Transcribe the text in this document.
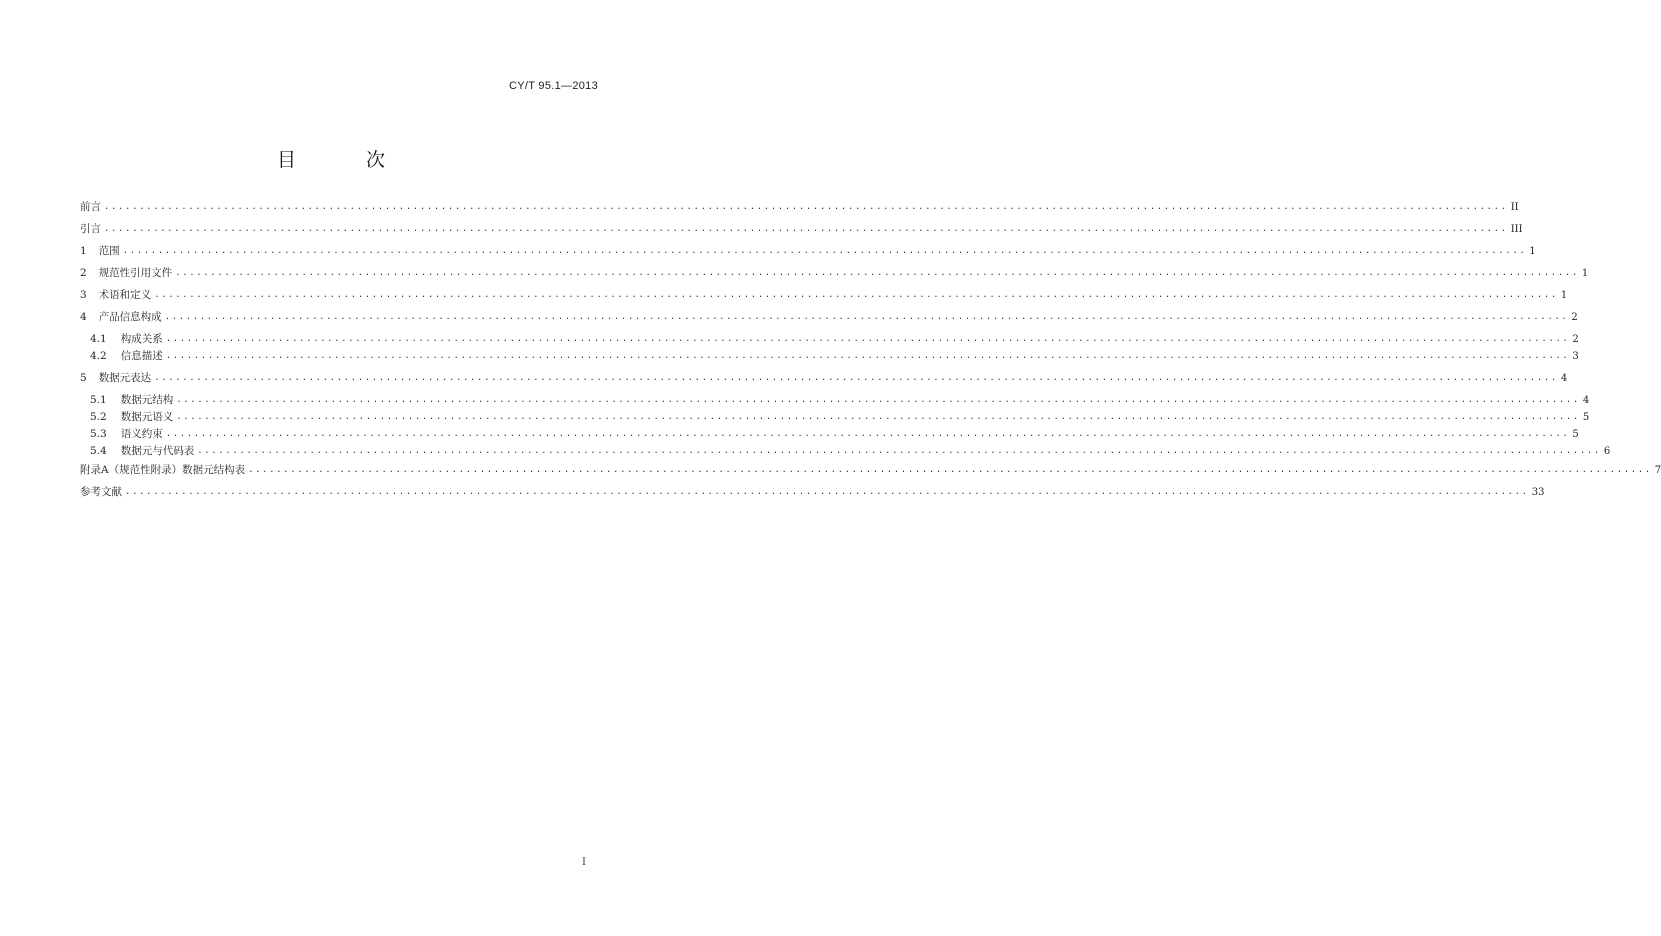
CY/T 95.1—2013
目 次
前言 ........................................................................................................................................................................................................ II
引言 ........................................................................................................................................................................................................ III
1 范围 ........................................................................................................................................................................................................ 1
2 规范性引用文件 ........................................................................................................................................................................................................ 1
3 术语和定义 ........................................................................................................................................................................................................ 1
4 产品信息构成 ........................................................................................................................................................................................................ 2
4.1 构成关系 ........................................................................................................................................................................................................ 2
4.2 信息描述 ........................................................................................................................................................................................................ 3
5 数据元表达 ........................................................................................................................................................................................................ 4
5.1 数据元结构 ........................................................................................................................................................................................................ 4
5.2 数据元语义 ........................................................................................................................................................................................................ 5
5.3 语义约束 ........................................................................................................................................................................................................ 5
5.4 数据元与代码表 ........................................................................................................................................................................................................ 6
附录A（规范性附录）数据元结构表 ........................................................................................................................................................................................................ 7
参考文献 ........................................................................................................................................................................................................ 33
I
